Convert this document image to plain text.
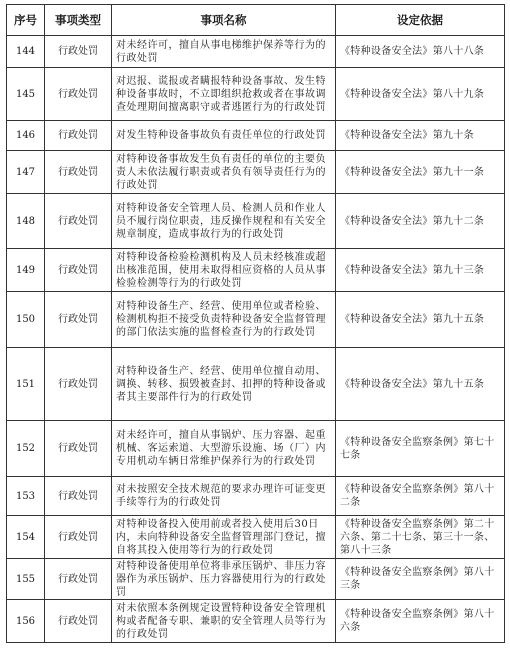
序号	事项类型	事项名称	设定依据
144	行政处罚	对未经许可，擅自从事电梯维护保养等行为的行政处罚	《特种设备安全法》第八十八条
145	行政处罚	对迟报、谎报或者瞒报特种设备事故、发生特种设备事故时，不立即组织抢救或者在事故调查处理期间擅离职守或者逃匿行为的行政处罚	《特种设备安全法》第八十九条
146	行政处罚	对发生特种设备事故负有责任单位的行政处罚	《特种设备安全法》第九十条
147	行政处罚	对特种设备事故发生负有责任的单位的主要负责人未依法履行职责或者负有领导责任行为的行政处罚	《特种设备安全法》第九十一条
148	行政处罚	对特种设备安全管理人员、检测人员和作业人员不履行岗位职责，违反操作规程和有关安全规章制度，造成事故行为的行政处罚	《特种设备安全法》第九十二条
149	行政处罚	对特种设备检验检测机构及人员未经核准或超出核准范围，使用未取得相应资格的人员从事检验检测等行为的行政处罚	《特种设备安全法》第九十三条
150	行政处罚	对特种设备生产、经营、使用单位或者检验、检测机构拒不接受负责特种设备安全监督管理的部门依法实施的监督检查行为的行政处罚	《特种设备安全法》第九十五条
151	行政处罚	对特种设备生产、经营、使用单位擅自动用、调换、转移、损毁被查封、扣押的特种设备或者其主要部件行为的行政处罚	《特种设备安全法》第九十五条
152	行政处罚	对未经许可，擅自从事锅炉、压力容器、起重机械、客运索道、大型游乐设施、场（厂）内专用机动车辆日常维护保养行为的行政处罚	《特种设备安全监察条例》第七十七条
153	行政处罚	对未按照安全技术规范的要求办理许可证变更手续等行为的行政处罚	《特种设备安全监察条例》第八十二条
154	行政处罚	对特种设备投入使用前或者投入使用后30日内，未向特种设备安全监督管理部门登记，擅自将其投入使用等行为的行政处罚	《特种设备安全监察条例》第二十六条、第二十七条、第三十一条、第八十三条
155	行政处罚	对特种设备使用单位将非承压锅炉、非压力容器作为承压锅炉、压力容器使用行为的行政处罚	《特种设备安全监察条例》第八十三条
156	行政处罚	对未依照本条例规定设置特种设备安全管理机构或者配备专职、兼职的安全管理人员等行为的行政处罚	《特种设备安全监察条例》第八十六条
